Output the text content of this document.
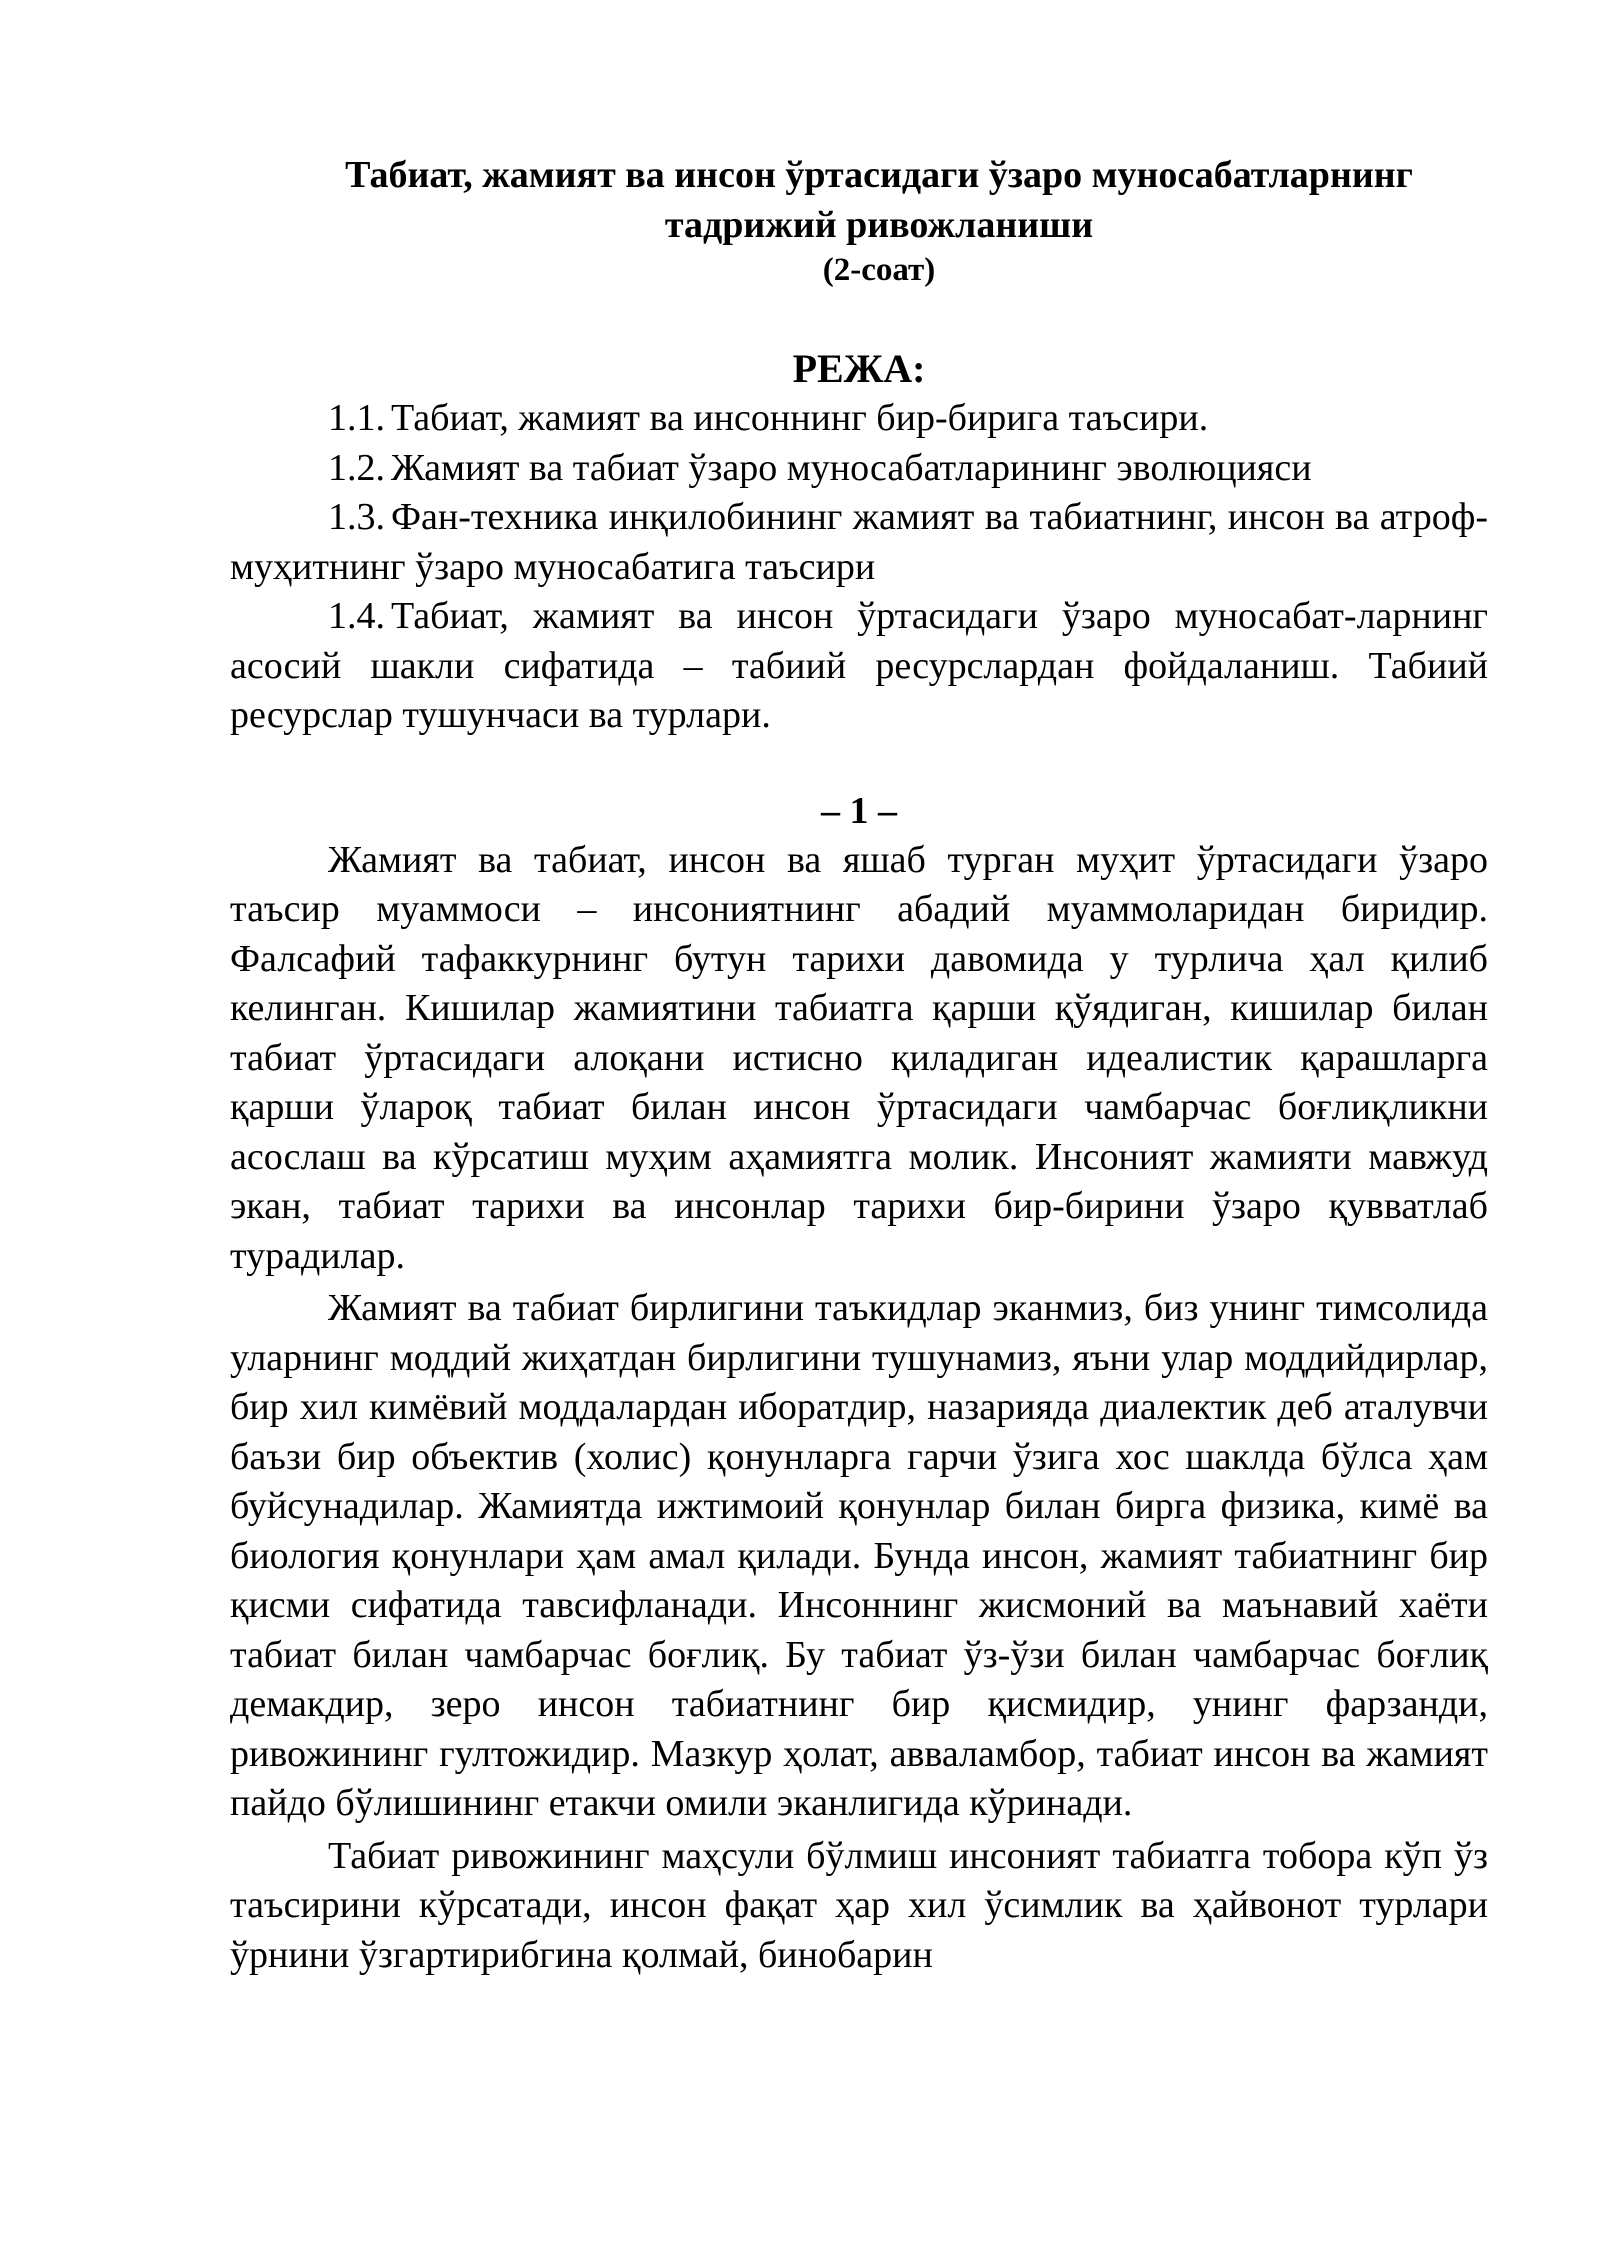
Табиат, жамият ва инсон ўртасидаги ўзаро муносабатларнинг
тадрижий ривожланиши

(2-соат)

РЕЖА:

1.1. Табиат, жамият ва инсоннинг бир-бирига таъсири.
1.2. Жамият ва табиат ўзаро муносабатларининг эволюцияси
1.3. Фан-техника инқилобининг жамият ва табиатнинг, инсон ва атроф-муҳитнинг ўзаро муносабатига таъсири
1.4. Табиат, жамият ва инсон ўртасидаги ўзаро муносабат-ларнинг асосий шакли сифатида – табиий ресурслардан фойдаланиш. Табиий ресурслар тушунчаси ва турлари.

– 1 –

Жамият ва табиат, инсон ва яшаб турган муҳит ўртасидаги ўзаро таъсир муаммоси – инсониятнинг абадий муаммоларидан биридир. Фалсафий тафаккурнинг бутун тарихи давомида у турлича ҳал қилиб келинган. Кишилар жамиятини табиатга қарши қўядиган, кишилар билан табиат ўртасидаги алоқани истисно қиладиган идеалистик қарашларга қарши ўлароқ табиат билан инсон ўртасидаги чамбарчас боғлиқликни асослаш ва кўрсатиш муҳим аҳамиятга молик. Инсоният жамияти мавжуд экан, табиат тарихи ва инсонлар тарихи бир-бирини ўзаро қувватлаб турадилар.

Жамият ва табиат бирлигини таъкидлар эканмиз, биз унинг тимсолида уларнинг моддий жиҳатдан бирлигини тушунамиз, яъни улар моддийдирлар, бир хил кимёвий моддалардан иборатдир, назарияда диалектик деб аталувчи баъзи бир объектив (холис) қонунларга гарчи ўзига хос шаклда бўлса ҳам буйсунадилар. Жамиятда ижтимоий қонунлар билан бирга физика, кимё ва биология қонунлари ҳам амал қилади. Бунда инсон, жамият табиатнинг бир қисми сифатида тавсифланади. Инсоннинг жисмоний ва маънавий хаёти табиат билан чамбарчас боғлиқ. Бу табиат ўз-ўзи билан чамбарчас боғлиқ демакдир, зеро инсон табиатнинг бир қисмидир, унинг фарзанди, ривожининг гултожидир. Мазкур ҳолат, авваламбор, табиат инсон ва жамият пайдо бўлишининг етакчи омили эканлигида кўринади.

Табиат ривожининг маҳсули бўлмиш инсоният табиатга тобора кўп ўз таъсирини кўрсатади, инсон фақат ҳар хил ўсимлик ва ҳайвонот турлари ўрнини ўзгартирибгина қолмай, бинобарин
